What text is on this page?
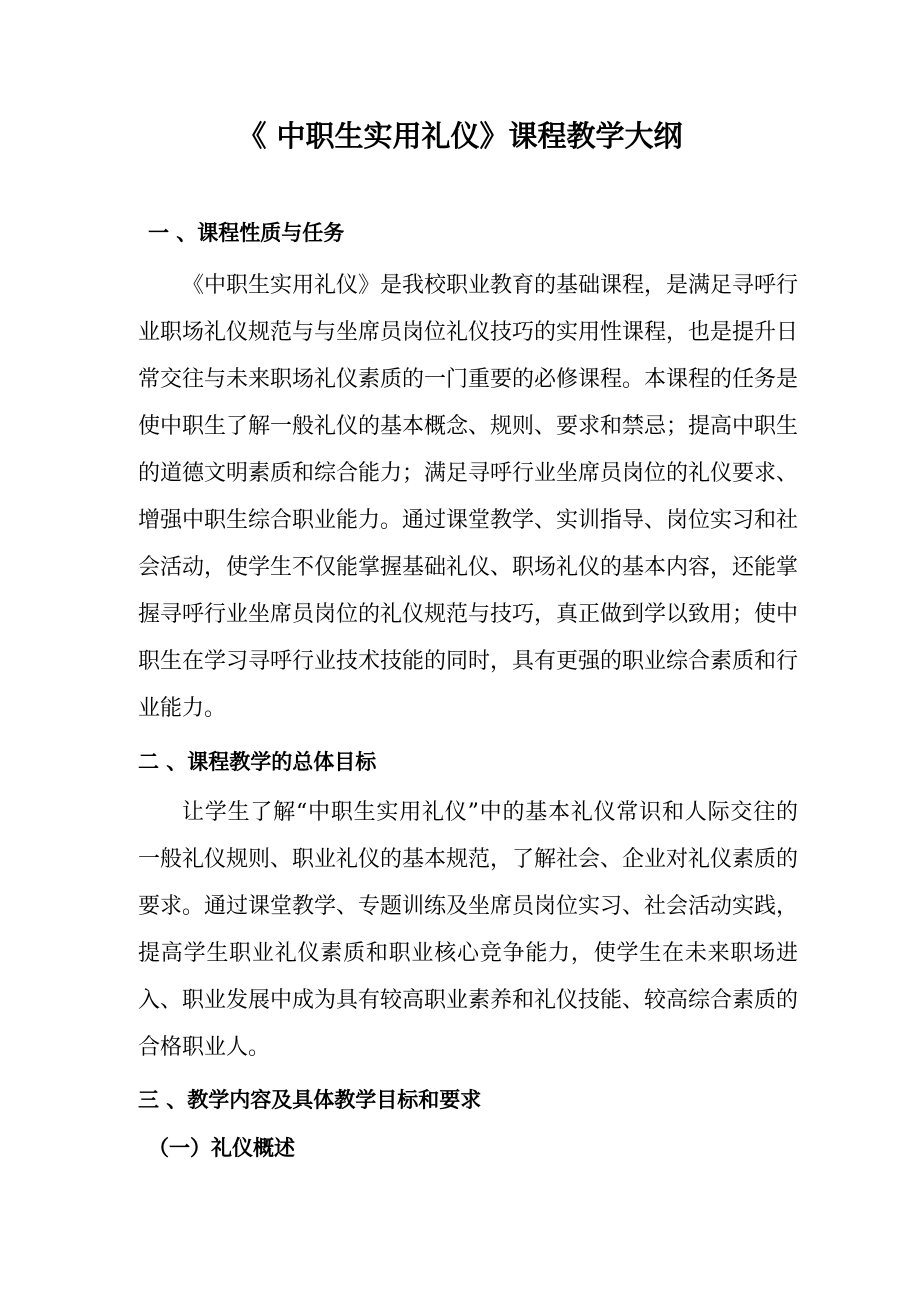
《 中职生实用礼仪》课程教学大纲
一 、课程性质与任务

《中职生实用礼仪》是我校职业教育的基础课程，是满足寻呼行业职场礼仪规范与与坐席员岗位礼仪技巧的实用性课程，也是提升日常交往与未来职场礼仪素质的一门重要的必修课程。本课程的任务是使中职生了解一般礼仪的基本概念、规则、要求和禁忌；提高中职生的道德文明素质和综合能力；满足寻呼行业坐席员岗位的礼仪要求、增强中职生综合职业能力。通过课堂教学、实训指导、岗位实习和社会活动，使学生不仅能掌握基础礼仪、职场礼仪的基本内容，还能掌握寻呼行业坐席员岗位的礼仪规范与技巧，真正做到学以致用；使中职生在学习寻呼行业技术技能的同时，具有更强的职业综合素质和行业能力。

二 、课程教学的总体目标

让学生了解“中职生实用礼仪”中的基本礼仪常识和人际交往的一般礼仪规则、职业礼仪的基本规范，了解社会、企业对礼仪素质的要求。通过课堂教学、专题训练及坐席员岗位实习、社会活动实践，提高学生职业礼仪素质和职业核心竞争能力，使学生在未来职场进入、职业发展中成为具有较高职业素养和礼仪技能、较高综合素质的合格职业人。

三 、教学内容及具体教学目标和要求
（一）礼仪概述
